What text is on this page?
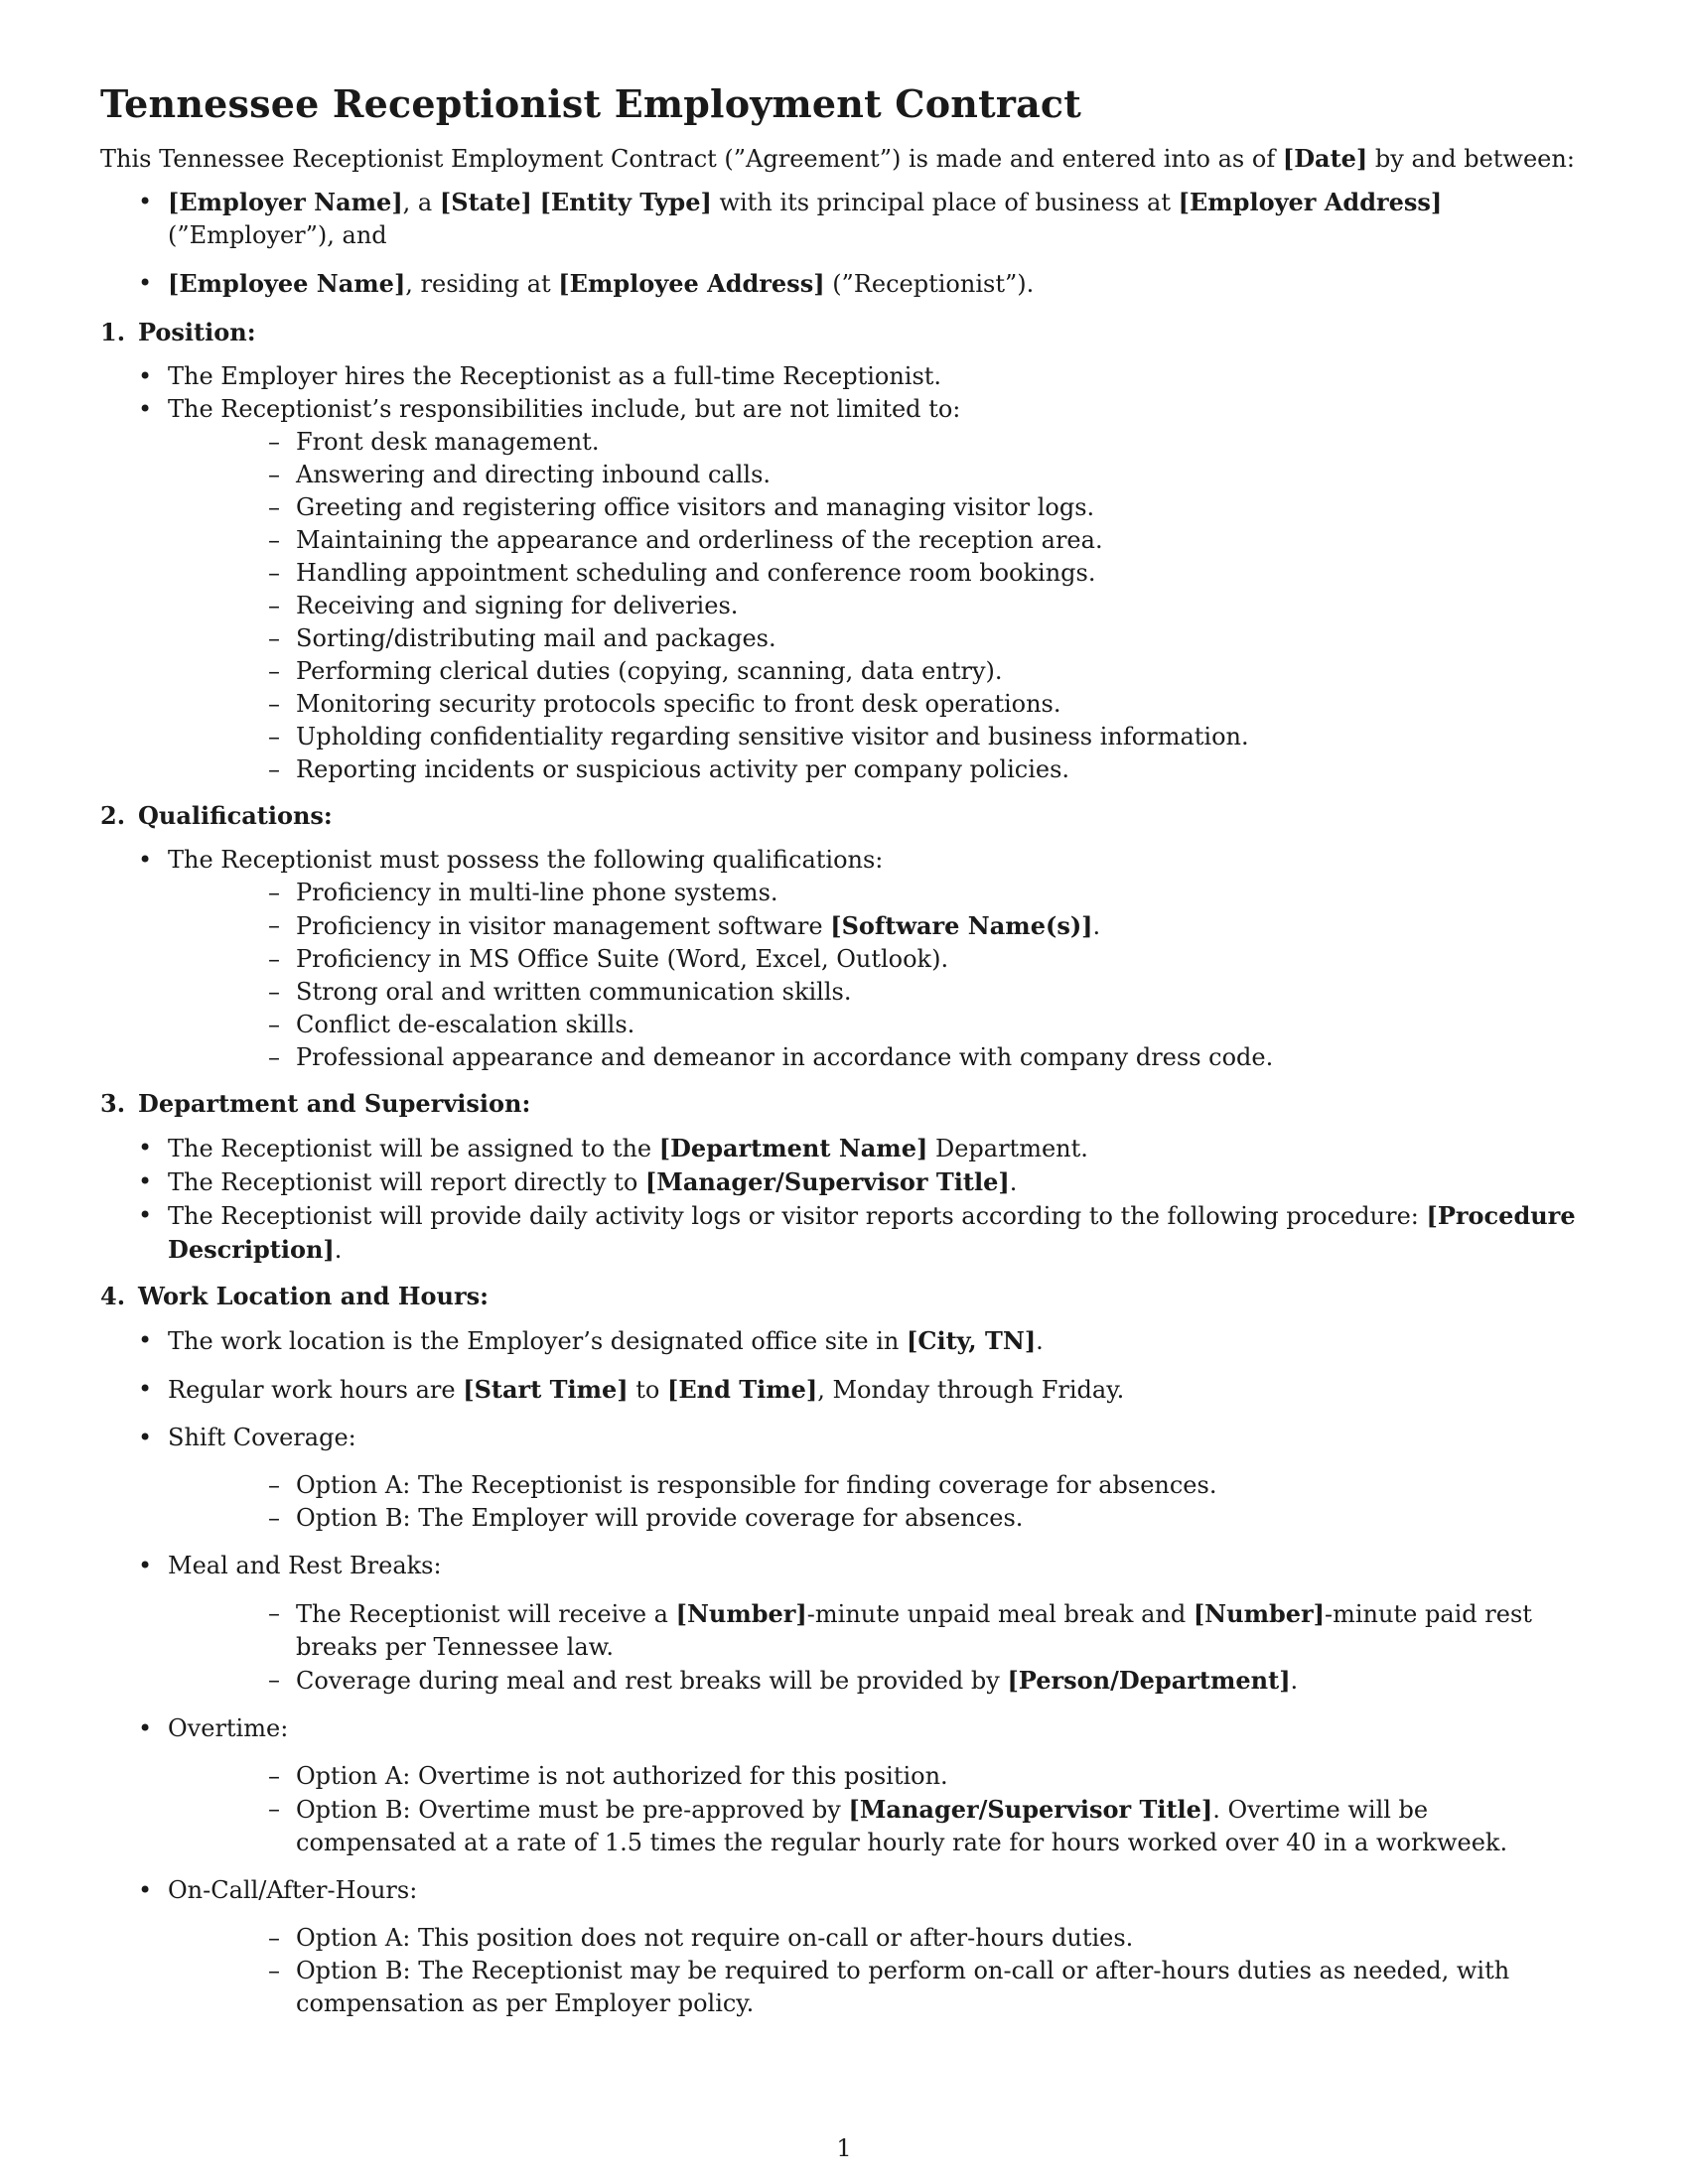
Tennessee Receptionist Employment Contract

This Tennessee Receptionist Employment Contract (”Agreement”) is made and entered into as of [Date] by and between:

• [Employer Name], a [State] [Entity Type] with its principal place of business at [Employer Address] (”Employer”), and
• [Employee Name], residing at [Employee Address] (”Receptionist”).
1. Position:
• The Employer hires the Receptionist as a full-time Receptionist.
• The Receptionist’s responsibilities include, but are not limited to:
– Front desk management.
– Answering and directing inbound calls.
– Greeting and registering office visitors and managing visitor logs.
– Maintaining the appearance and orderliness of the reception area.
– Handling appointment scheduling and conference room bookings.
– Receiving and signing for deliveries.
– Sorting/distributing mail and packages.
– Performing clerical duties (copying, scanning, data entry).
– Monitoring security protocols specific to front desk operations.
– Upholding confidentiality regarding sensitive visitor and business information.
– Reporting incidents or suspicious activity per company policies.
2. Qualifications:
• The Receptionist must possess the following qualifications:
– Proficiency in multi-line phone systems.
– Proficiency in visitor management software [Software Name(s)].
– Proficiency in MS Office Suite (Word, Excel, Outlook).
– Strong oral and written communication skills.
– Conflict de-escalation skills.
– Professional appearance and demeanor in accordance with company dress code.
3. Department and Supervision:
• The Receptionist will be assigned to the [Department Name] Department.
• The Receptionist will report directly to [Manager/Supervisor Title].
• The Receptionist will provide daily activity logs or visitor reports according to the following procedure: [Procedure Description].
4. Work Location and Hours:
• The work location is the Employer’s designated office site in [City, TN].
• Regular work hours are [Start Time] to [End Time], Monday through Friday.
• Shift Coverage:
– Option A: The Receptionist is responsible for finding coverage for absences.
– Option B: The Employer will provide coverage for absences.
• Meal and Rest Breaks:
– The Receptionist will receive a [Number]-minute unpaid meal break and [Number]-minute paid rest breaks per Tennessee law.
– Coverage during meal and rest breaks will be provided by [Person/Department].
• Overtime:
– Option A: Overtime is not authorized for this position.
– Option B: Overtime must be pre-approved by [Manager/Supervisor Title]. Overtime will be compensated at a rate of 1.5 times the regular hourly rate for hours worked over 40 in a workweek.
• On-Call/After-Hours:
– Option A: This position does not require on-call or after-hours duties.
– Option B: The Receptionist may be required to perform on-call or after-hours duties as needed, with compensation as per Employer policy.
1
